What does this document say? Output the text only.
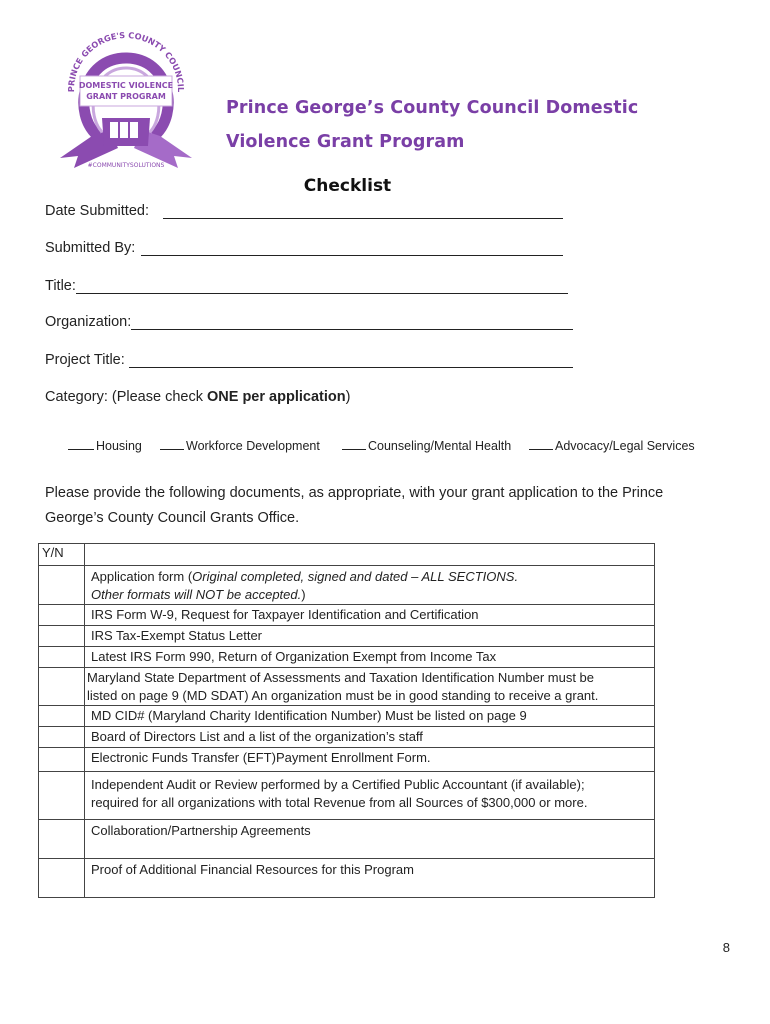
PRINCE GEORGE'S COUNTY COUNCIL
DOMESTIC VIOLENCE
GRANT PROGRAM
#COMMUNITYSOLUTIONS
Prince George’s County Council Domestic
Violence Grant Program
Checklist
Date Submitted:
Submitted By:
Title:
Organization:
Project Title:
Category: (Please check ONE per application)
Housing	Workforce Development	Counseling/Mental Health	Advocacy/Legal Services
Please provide the following documents, as appropriate, with your grant application to the Prince George’s County Council Grants Office.
Y/N	
	Application form (Original completed, signed and dated – ALL SECTIONS.
Other formats will NOT be accepted.)
	IRS Form W-9, Request for Taxpayer Identification and Certification
	IRS Tax-Exempt Status Letter
	Latest IRS Form 990, Return of Organization Exempt from Income Tax
	Maryland State Department of Assessments and Taxation Identification Number must be
listed on page 9 (MD SDAT) An organization must be in good standing to receive a grant.
	MD CID# (Maryland Charity Identification Number) Must be listed on page 9
	Board of Directors List and a list of the organization’s staff
	Electronic Funds Transfer (EFT)Payment Enrollment Form.
	Independent Audit or Review performed by a Certified Public Accountant (if available);
required for all organizations with total Revenue from all Sources of $300,000 or more.
	Collaboration/Partnership Agreements
	Proof of Additional Financial Resources for this Program
8
